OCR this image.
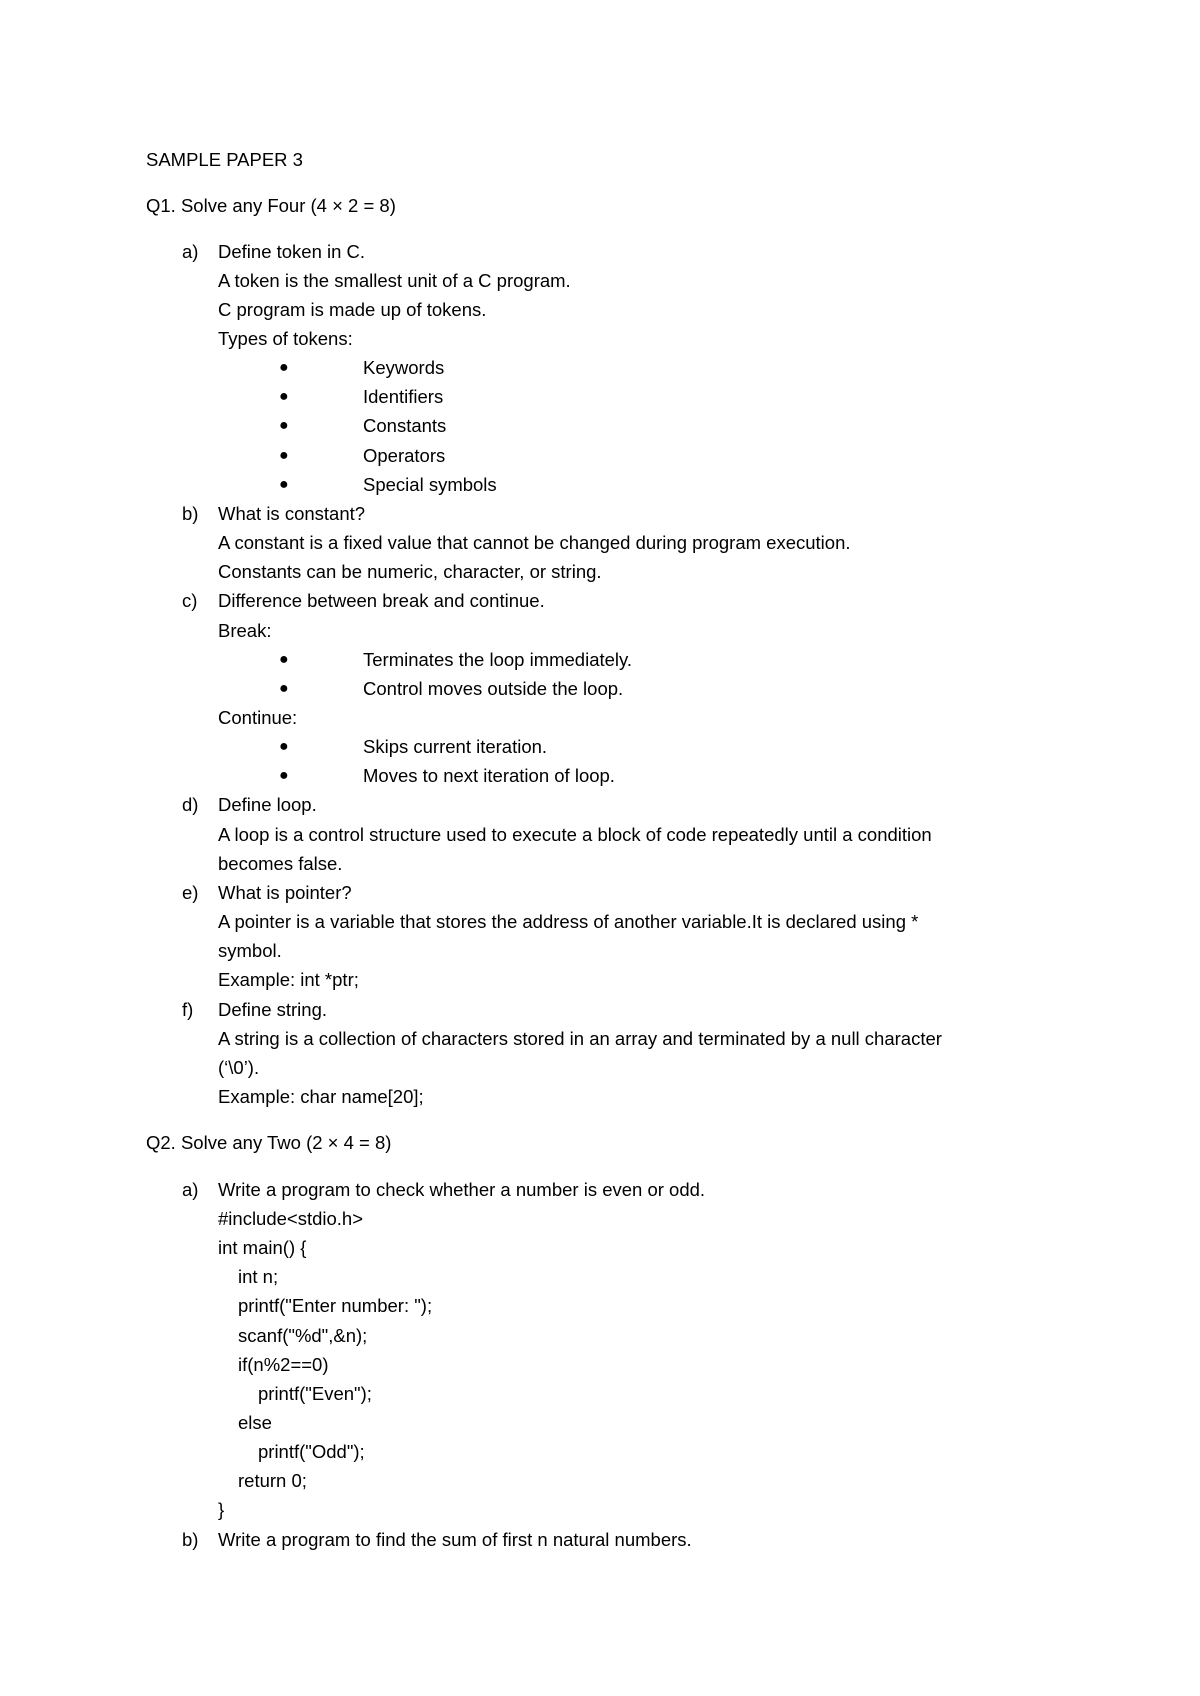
SAMPLE PAPER 3
Q1. Solve any Four (4 × 2 = 8)
a) Define token in C.
A token is the smallest unit of a C program.
C program is made up of tokens.
Types of tokens:
●	Keywords
●	Identifiers
●	Constants
●	Operators
●	Special symbols
b) What is constant?
A constant is a fixed value that cannot be changed during program execution.
Constants can be numeric, character, or string.
c) Difference between break and continue.
Break:
●	Terminates the loop immediately.
●	Control moves outside the loop.
Continue:
●	Skips current iteration.
●	Moves to next iteration of loop.
d) Define loop.
A loop is a control structure used to execute a block of code repeatedly until a condition
becomes false.
e) What is pointer?
A pointer is a variable that stores the address of another variable.It is declared using *
symbol.
Example: int *ptr;
f) Define string.
A string is a collection of characters stored in an array and terminated by a null character
(‘\0’).
Example: char name[20];
Q2. Solve any Two (2 × 4 = 8)
a) Write a program to check whether a number is even or odd.
#include<stdio.h>
int main() {
int n;
printf("Enter number: ");
scanf("%d",&n);
if(n%2==0)
printf("Even");
else
printf("Odd");
return 0;
}
b) Write a program to find the sum of first n natural numbers.
